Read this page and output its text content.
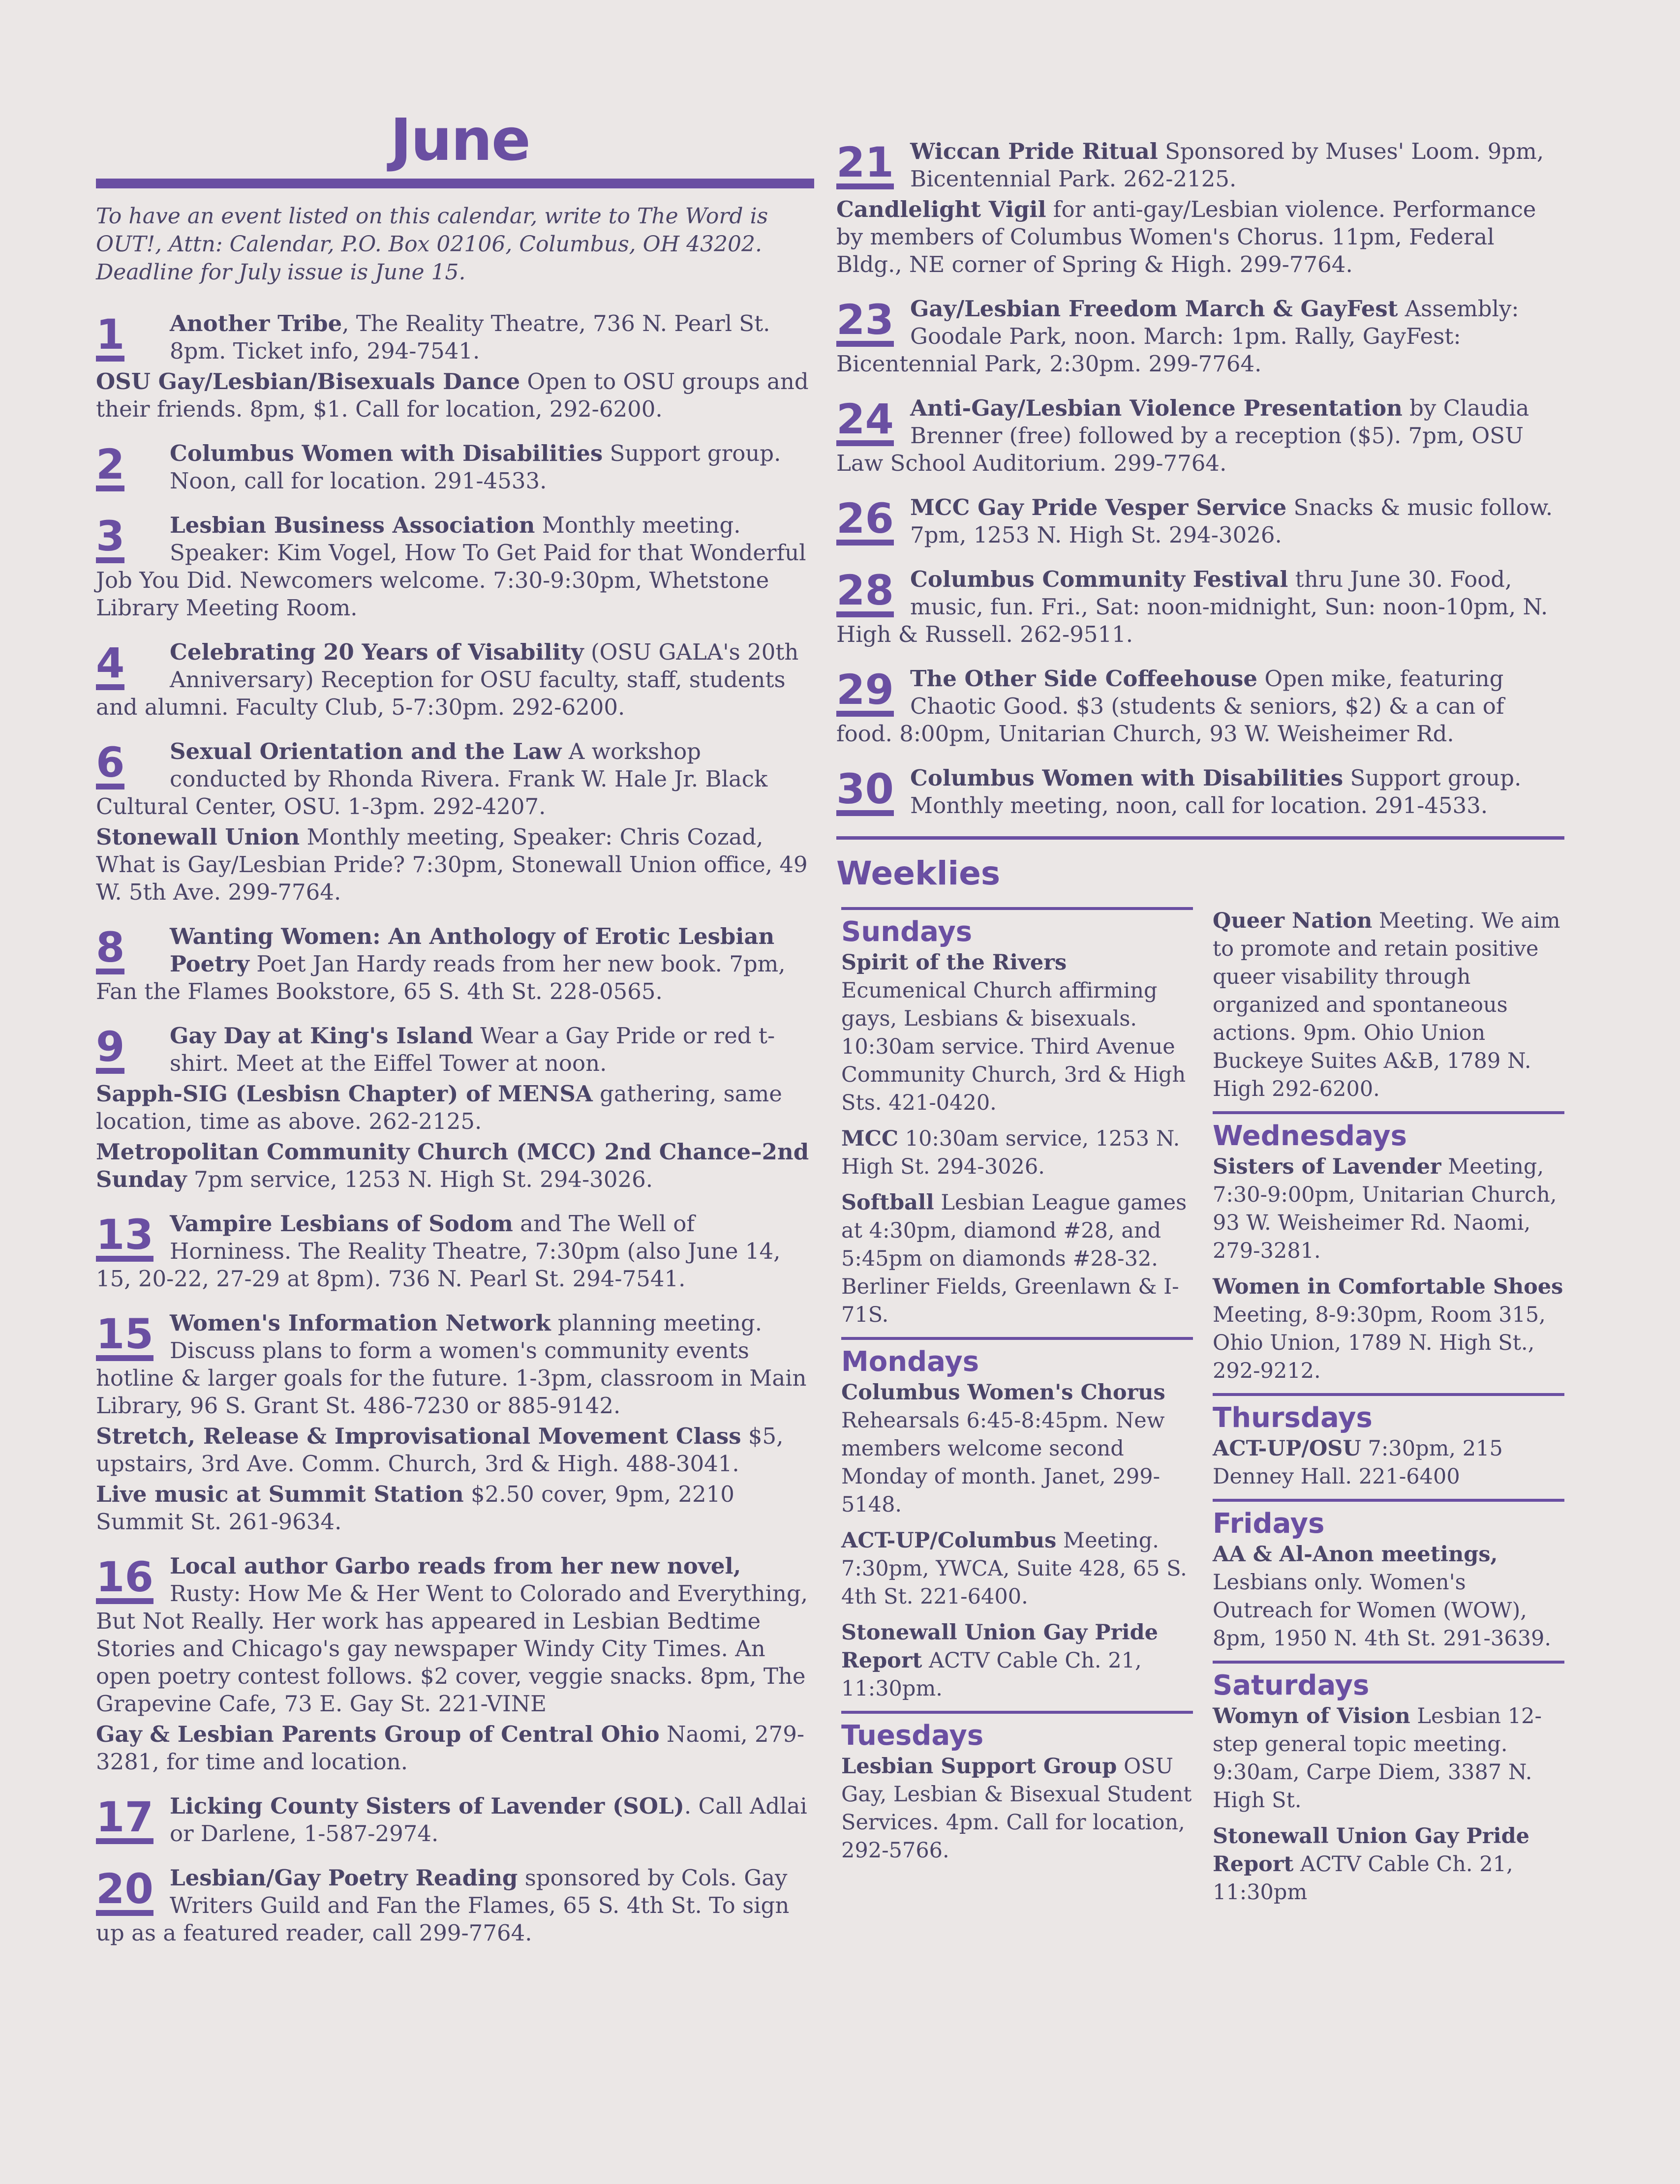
June
To have an event listed on this calendar, write to The Word is OUT!, Attn: Calendar, P.O. Box 02106, Columbus, OH 43202. Deadline for July issue is June 15.
1	Another Tribe, The Reality Theatre, 736 N. Pearl St. 8pm. Ticket info, 294-7541.
OSU Gay/Lesbian/Bisexuals Dance Open to OSU groups and their friends. 8pm, $1. Call for location, 292-6200.
2	Columbus Women with Disabilities Support group. Noon, call for location. 291-4533.
3	Lesbian Business Association Monthly meeting. Speaker: Kim Vogel, How To Get Paid for that Wonderful Job You Did. Newcomers welcome. 7:30-9:30pm, Whetstone Library Meeting Room.
4	Celebrating 20 Years of Visability (OSU GALA's 20th Anniversary) Reception for OSU faculty, staff, students and alumni. Faculty Club, 5-7:30pm. 292-6200.
6	Sexual Orientation and the Law A workshop conducted by Rhonda Rivera. Frank W. Hale Jr. Black Cultural Center, OSU. 1-3pm. 292-4207.
Stonewall Union Monthly meeting, Speaker: Chris Cozad, What is Gay/Lesbian Pride? 7:30pm, Stonewall Union office, 49 W. 5th Ave. 299-7764.
8	Wanting Women: An Anthology of Erotic Lesbian Poetry Poet Jan Hardy reads from her new book. 7pm, Fan the Flames Bookstore, 65 S. 4th St. 228-0565.
9	Gay Day at King's Island Wear a Gay Pride or red t-shirt. Meet at the Eiffel Tower at noon.
Sapph-SIG (Lesbisn Chapter) of MENSA gathering, same location, time as above. 262-2125.
Metropolitan Community Church (MCC) 2nd Chance–2nd Sunday 7pm service, 1253 N. High St. 294-3026.
13 Vampire Lesbians of Sodom and The Well of Horniness. The Reality Theatre, 7:30pm (also June 14, 15, 20-22, 27-29 at 8pm). 736 N. Pearl St. 294-7541.
15 Women's Information Network planning meeting. Discuss plans to form a women's community events hotline & larger goals for the future. 1-3pm, classroom in Main Library, 96 S. Grant St. 486-7230 or 885-9142.
Stretch, Release & Improvisational Movement Class $5, upstairs, 3rd Ave. Comm. Church, 3rd & High. 488-3041.
Live music at Summit Station $2.50 cover, 9pm, 2210 Summit St. 261-9634.
16 Local author Garbo reads from her new novel, Rusty: How Me & Her Went to Colorado and Everything, But Not Really. Her work has appeared in Lesbian Bedtime Stories and Chicago's gay newspaper Windy City Times. An open poetry contest follows. $2 cover, veggie snacks. 8pm, The Grapevine Cafe, 73 E. Gay St. 221-VINE
Gay & Lesbian Parents Group of Central Ohio Naomi, 279-3281, for time and location.
17 Licking County Sisters of Lavender (SOL). Call Adlai or Darlene, 1-587-2974.
20 Lesbian/Gay Poetry Reading sponsored by Cols. Gay Writers Guild and Fan the Flames, 65 S. 4th St. To sign up as a featured reader, call 299-7764.
21 Wiccan Pride Ritual Sponsored by Muses' Loom. 9pm, Bicentennial Park. 262-2125.
Candlelight Vigil for anti-gay/Lesbian violence. Performance by members of Columbus Women's Chorus. 11pm, Federal Bldg., NE corner of Spring & High. 299-7764.
23 Gay/Lesbian Freedom March & GayFest Assembly: Goodale Park, noon. March: 1pm. Rally, GayFest: Bicentennial Park, 2:30pm. 299-7764.
24 Anti-Gay/Lesbian Violence Presentation by Claudia Brenner (free) followed by a reception ($5). 7pm, OSU Law School Auditorium. 299-7764.
26 MCC Gay Pride Vesper Service Snacks & music follow. 7pm, 1253 N. High St. 294-3026.
28 Columbus Community Festival thru June 30. Food, music, fun. Fri., Sat: noon-midnight, Sun: noon-10pm, N. High & Russell. 262-9511.
29 The Other Side Coffeehouse Open mike, featuring Chaotic Good. $3 (students & seniors, $2) & a can of food. 8:00pm, Unitarian Church, 93 W. Weisheimer Rd.
30 Columbus Women with Disabilities Support group. Monthly meeting, noon, call for location. 291-4533.
Weeklies
Sundays
Spirit of the Rivers Ecumenical Church affirming gays, Lesbians & bisexuals. 10:30am service. Third Avenue Community Church, 3rd & High Sts. 421-0420.
MCC 10:30am service, 1253 N. High St. 294-3026.
Softball Lesbian League games at 4:30pm, diamond #28, and 5:45pm on diamonds #28-32. Berliner Fields, Greenlawn & I-71S.
Mondays
Columbus Women's Chorus Rehearsals 6:45-8:45pm. New members welcome second Monday of month. Janet, 299-5148.
ACT-UP/Columbus Meeting. 7:30pm, YWCA, Suite 428, 65 S. 4th St. 221-6400.
Stonewall Union Gay Pride Report ACTV Cable Ch. 21, 11:30pm.
Tuesdays
Lesbian Support Group OSU Gay, Lesbian & Bisexual Student Services. 4pm. Call for location, 292-5766.
Queer Nation Meeting. We aim to promote and retain positive queer visability through organized and spontaneous actions. 9pm. Ohio Union Buckeye Suites A&B, 1789 N. High 292-6200.
Wednesdays
Sisters of Lavender Meeting, 7:30-9:00pm, Unitarian Church, 93 W. Weisheimer Rd. Naomi, 279-3281.
Women in Comfortable Shoes Meeting, 8-9:30pm, Room 315, Ohio Union, 1789 N. High St., 292-9212.
Thursdays
ACT-UP/OSU 7:30pm, 215 Denney Hall. 221-6400
Fridays
AA & Al-Anon meetings, Lesbians only. Women's Outreach for Women (WOW), 8pm, 1950 N. 4th St. 291-3639.
Saturdays
Womyn of Vision Lesbian 12-step general topic meeting. 9:30am, Carpe Diem, 3387 N. High St.
Stonewall Union Gay Pride Report ACTV Cable Ch. 21, 11:30pm
